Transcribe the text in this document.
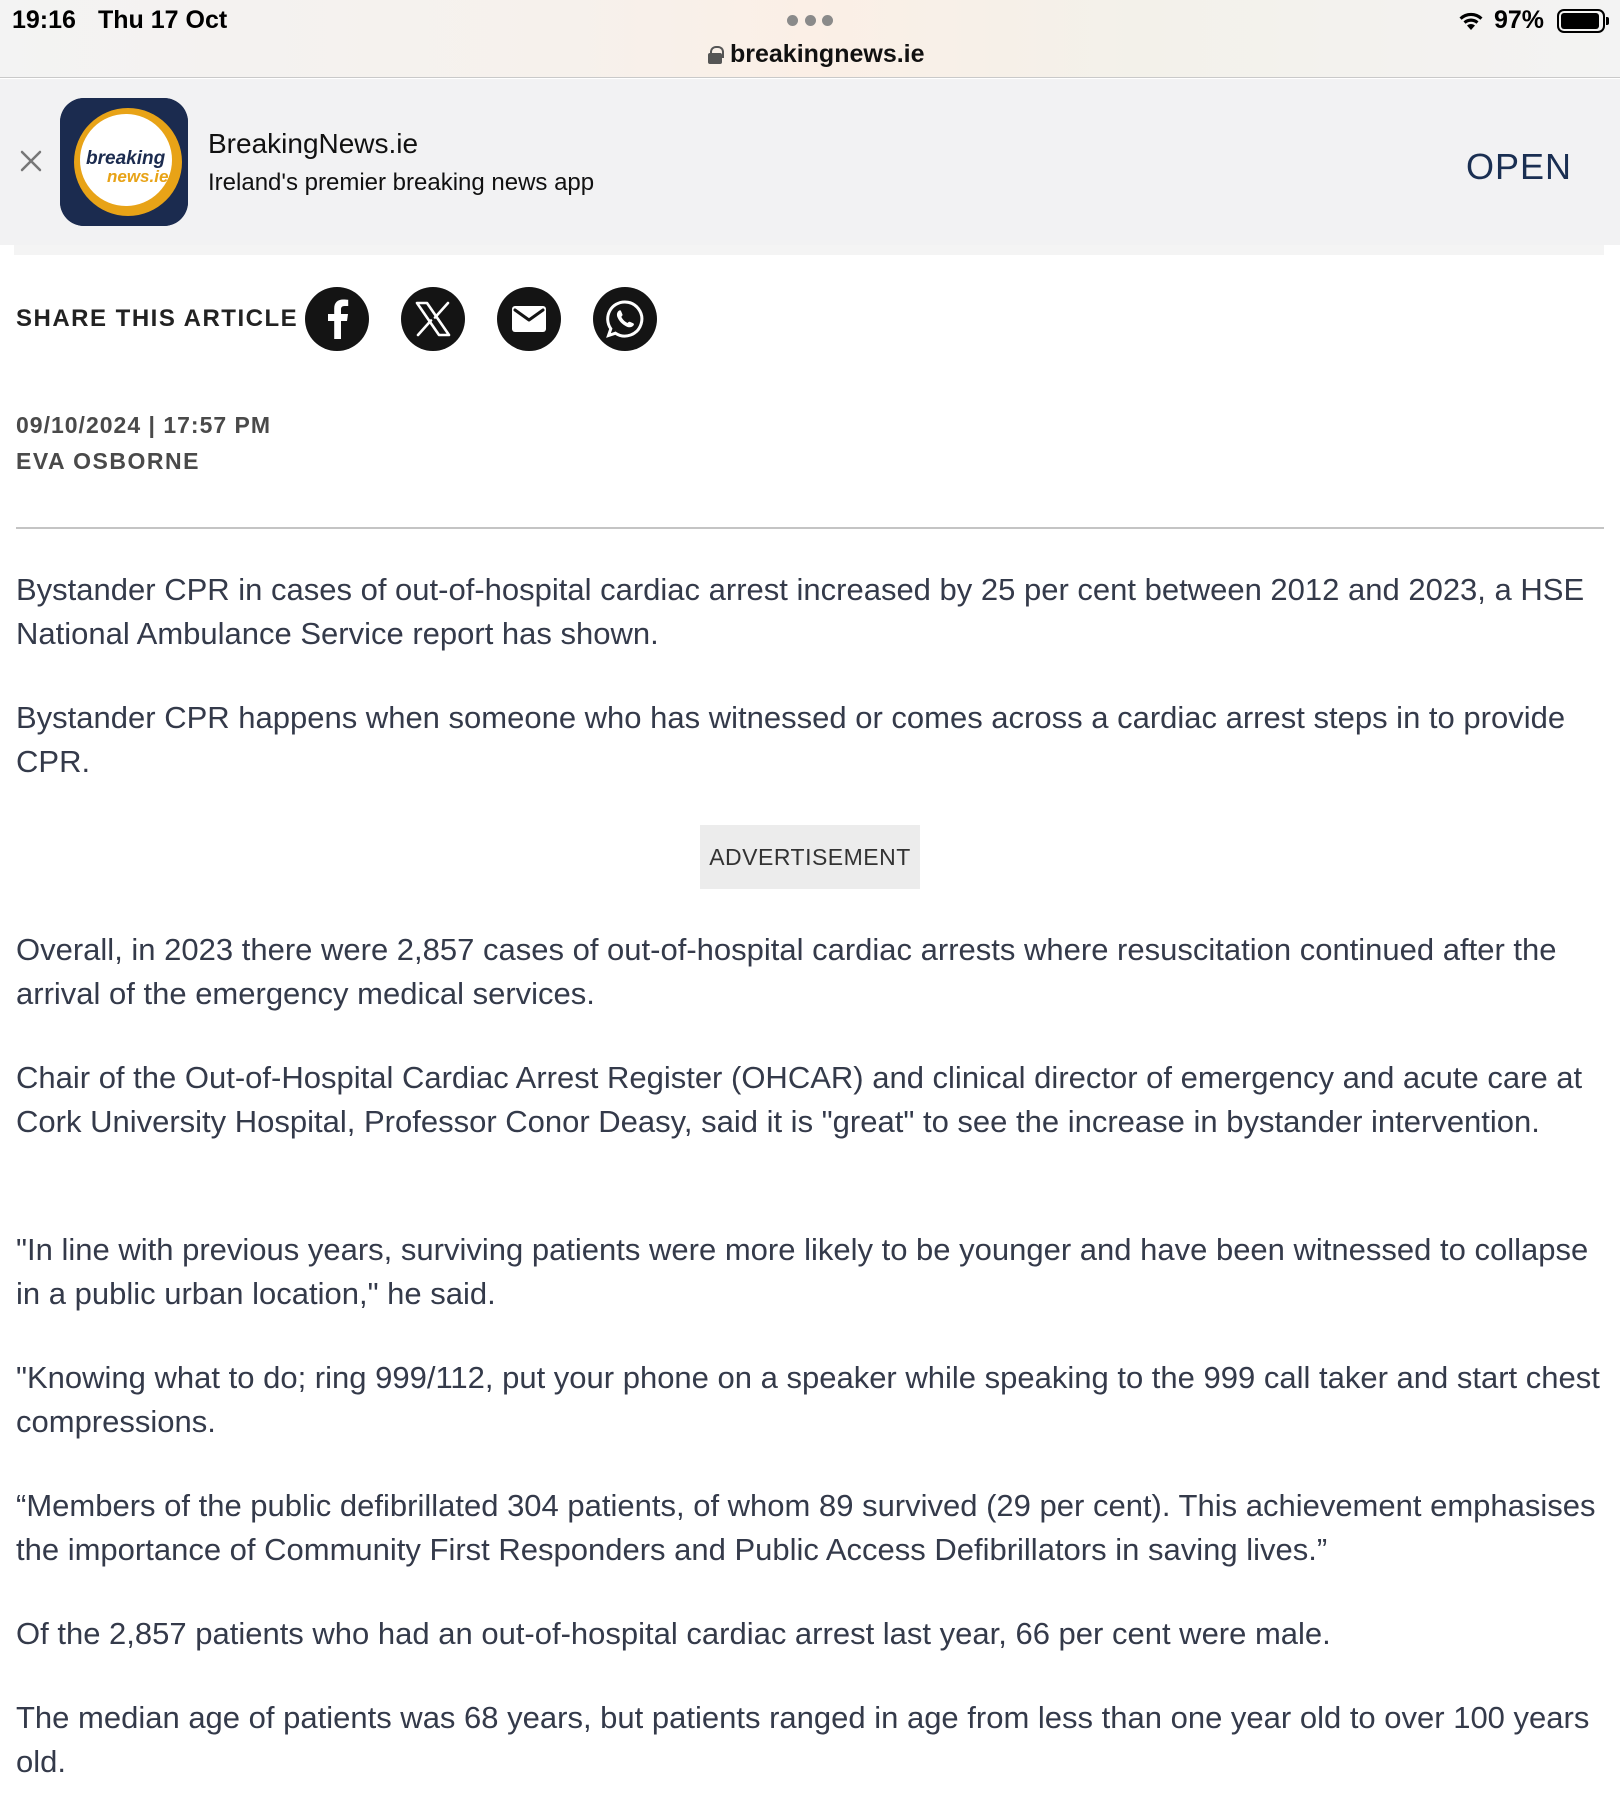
19:16 Thu 17 Oct
breakingnews.ie
97%
breaking
news.ie
BreakingNews.ie
Ireland's premier breaking news app	OPEN
SHARE THIS ARTICLE
09/10/2024 | 17:57 PM
EVA OSBORNE

Bystander CPR in cases of out-of-hospital cardiac arrest increased by 25 per cent between 2012 and 2023, a HSE National Ambulance Service report has shown.

Bystander CPR happens when someone who has witnessed or comes across a cardiac arrest steps in to provide CPR.

ADVERTISEMENT

Overall, in 2023 there were 2,857 cases of out-of-hospital cardiac arrests where resuscitation continued after the arrival of the emergency medical services.

Chair of the Out-of-Hospital Cardiac Arrest Register (OHCAR) and clinical director of emergency and acute care at Cork University Hospital, Professor Conor Deasy, said it is "great" to see the increase in bystander intervention.

"In line with previous years, surviving patients were more likely to be younger and have been witnessed to collapse in a public urban location," he said.

"Knowing what to do; ring 999/112, put your phone on a speaker while speaking to the 999 call taker and start chest compressions.

“Members of the public defibrillated 304 patients, of whom 89 survived (29 per cent). This achievement emphasises the importance of Community First Responders and Public Access Defibrillators in saving lives.”

Of the 2,857 patients who had an out-of-hospital cardiac arrest last year, 66 per cent were male.

The median age of patients was 68 years, but patients ranged in age from less than one year old to over 100 years old.
